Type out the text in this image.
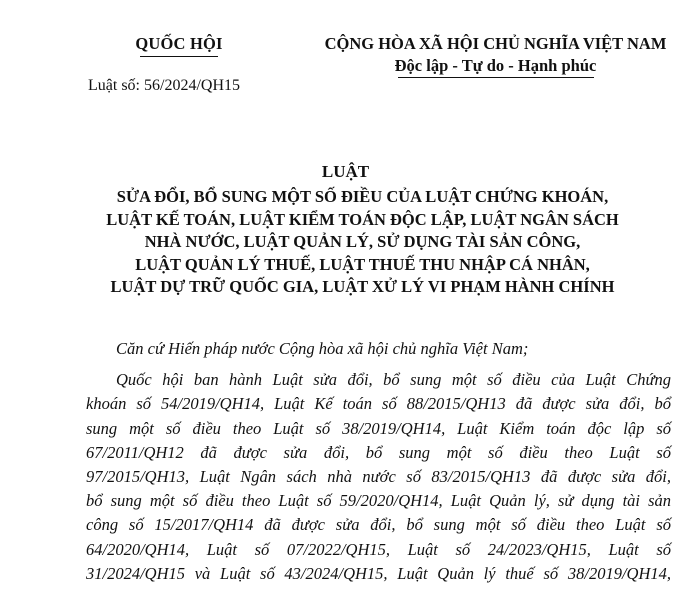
QUỐC HỘI
Luật số: 56/2024/QH15
CỘNG HÒA XÃ HỘI CHỦ NGHĨA VIỆT NAM
Độc lập - Tự do - Hạnh phúc
LUẬT
SỬA ĐỔI, BỔ SUNG MỘT SỐ ĐIỀU CỦA LUẬT CHỨNG KHOÁN,
LUẬT KẾ TOÁN, LUẬT KIỂM TOÁN ĐỘC LẬP, LUẬT NGÂN SÁCH
NHÀ NƯỚC, LUẬT QUẢN LÝ, SỬ DỤNG TÀI SẢN CÔNG,
LUẬT QUẢN LÝ THUẾ, LUẬT THUẾ THU NHẬP CÁ NHÂN,
LUẬT DỰ TRỮ QUỐC GIA, LUẬT XỬ LÝ VI PHẠM HÀNH CHÍNH

Căn cứ Hiến pháp nước Cộng hòa xã hội chủ nghĩa Việt Nam;

Quốc hội ban hành Luật sửa đổi, bổ sung một số điều của Luật Chứng
khoán số 54/2019/QH14, Luật Kế toán số 88/2015/QH13 đã được sửa đổi, bổ
sung một số điều theo Luật số 38/2019/QH14, Luật Kiểm toán độc lập số
67/2011/QH12 đã được sửa đổi, bổ sung một số điều theo Luật số
97/2015/QH13, Luật Ngân sách nhà nước số 83/2015/QH13 đã được sửa đổi,
bổ sung một số điều theo Luật số 59/2020/QH14, Luật Quản lý, sử dụng tài sản
công số 15/2017/QH14 đã được sửa đổi, bổ sung một số điều theo Luật số
64/2020/QH14, Luật số 07/2022/QH15, Luật số 24/2023/QH15, Luật số
31/2024/QH15 và Luật số 43/2024/QH15, Luật Quản lý thuế số 38/2019/QH14,
